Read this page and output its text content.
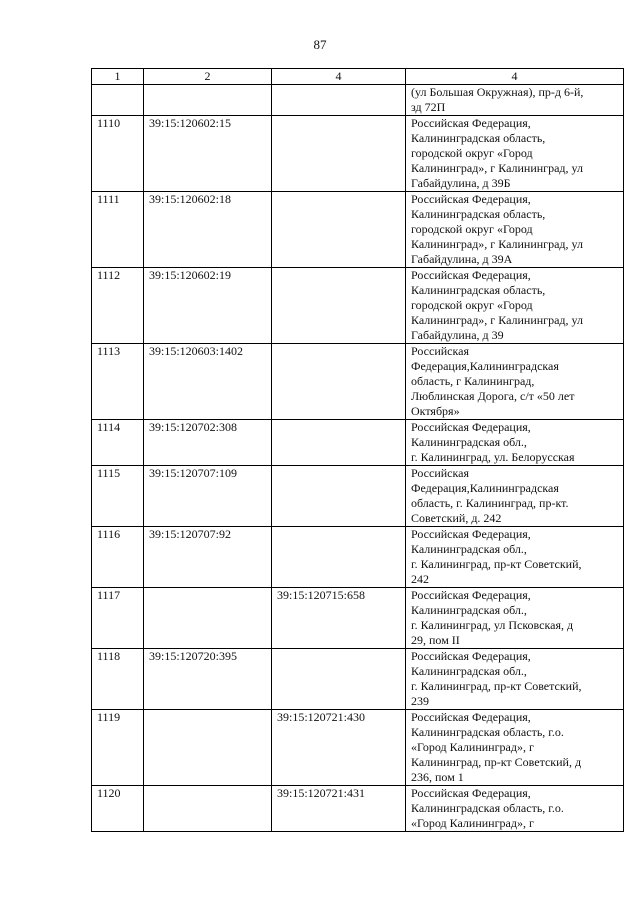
87
1	2	4	4
			(ул Большая Окружная), пр-д 6-й,
зд 72П
1110	39:15:120602:15		Российская Федерация,
Калининградская область,
городской округ «Город
Калининград», г Калининград, ул
Габайдулина, д 39Б
1111	39:15:120602:18		Российская Федерация,
Калининградская область,
городской округ «Город
Калининград», г Калининград, ул
Габайдулина, д 39А
1112	39:15:120602:19		Российская Федерация,
Калининградская область,
городской округ «Город
Калининград», г Калининград, ул
Габайдулина, д 39
1113	39:15:120603:1402		Российская
Федерация,Калининградская
область, г Калининград,
Люблинская Дорога, с/т «50 лет
Октября»
1114	39:15:120702:308		Российская Федерация,
Калининградская обл.,
г. Калининград, ул. Белорусская
1115	39:15:120707:109		Российская
Федерация,Калининградская
область, г. Калининград, пр-кт.
Советский, д. 242
1116	39:15:120707:92		Российская Федерация,
Калининградская обл.,
г. Калининград, пр-кт Советский,
242
1117		39:15:120715:658	Российская Федерация,
Калининградская обл.,
г. Калининград, ул Псковская, д
29, пом II
1118	39:15:120720:395		Российская Федерация,
Калининградская обл.,
г. Калининград, пр-кт Советский,
239
1119		39:15:120721:430	Российская Федерация,
Калининградская область, г.о.
«Город Калининград», г
Калининград, пр-кт Советский, д
236, пом 1
1120		39:15:120721:431	Российская Федерация,
Калининградская область, г.о.
«Город Калининград», г
